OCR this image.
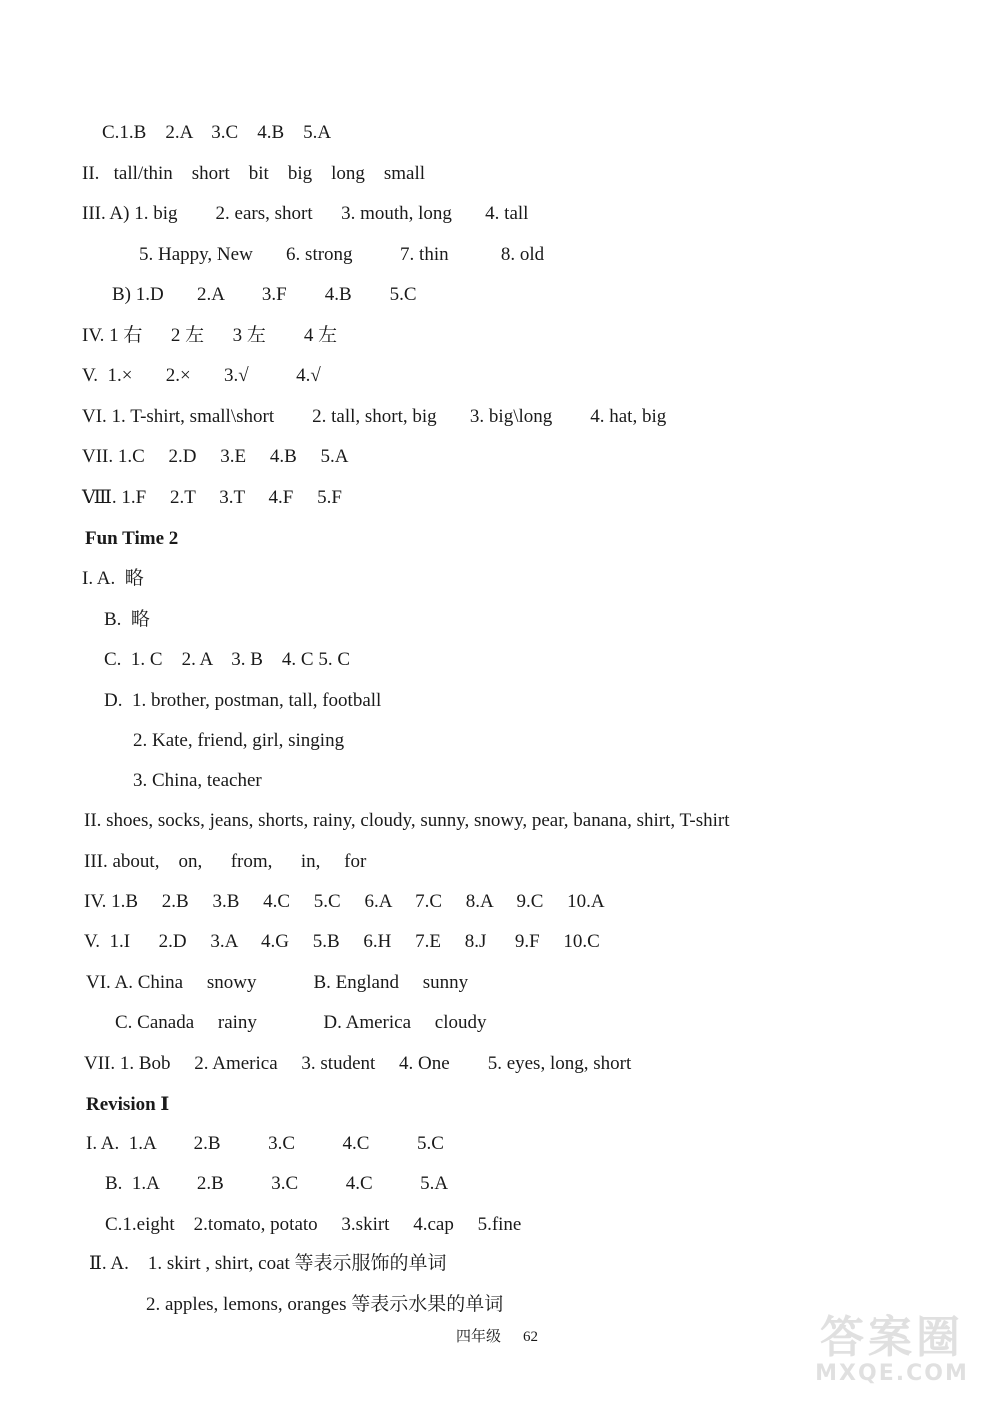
C.1.B    2.A    3.C    4.B    5.A
II.   tall/thin    short    bit    big    long    small
III. A) 1. big        2. ears, short      3. mouth, long       4. tall
5. Happy, New       6. strong          7. thin           8. old
B) 1.D       2.A        3.F        4.B        5.C
IV. 1 右      2 左      3 左        4 左
V.  1.×       2.×       3.√          4.√
VI. 1. T-shirt, small\short        2. tall, short, big       3. big\long        4. hat, big
VII. 1.C     2.D     3.E     4.B     5.A
Ⅷ. 1.F     2.T     3.T     4.F     5.F
Fun Time 2
I. A.  略
B.  略
C.  1. C    2. A    3. B    4. C 5. C
D.  1. brother, postman, tall, football
2. Kate, friend, girl, singing
3. China, teacher
II. shoes, socks, jeans, shorts, rainy, cloudy, sunny, snowy, pear, banana, shirt, T-shirt
III. about,    on,      from,      in,     for
IV. 1.B     2.B     3.B     4.C     5.C     6.A     7.C     8.A     9.C     10.A
V.  1.I      2.D     3.A     4.G     5.B     6.H     7.E     8.J      9.F     10.C
VI. A. China     snowy            B. England     sunny
C. Canada     rainy              D. America     cloudy
VII. 1. Bob     2. America     3. student     4. One        5. eyes, long, short
Revision Ⅰ
I. A.  1.A        2.B          3.C          4.C          5.C
B.  1.A        2.B          3.C          4.C          5.A
C.1.eight    2.tomato, potato     3.skirt     4.cap     5.fine
Ⅱ. A.    1. skirt , shirt, coat 等表示服饰的单词
2. apples, lemons, oranges 等表示水果的单词
四年级 62	答案圈
MXQE.COM
